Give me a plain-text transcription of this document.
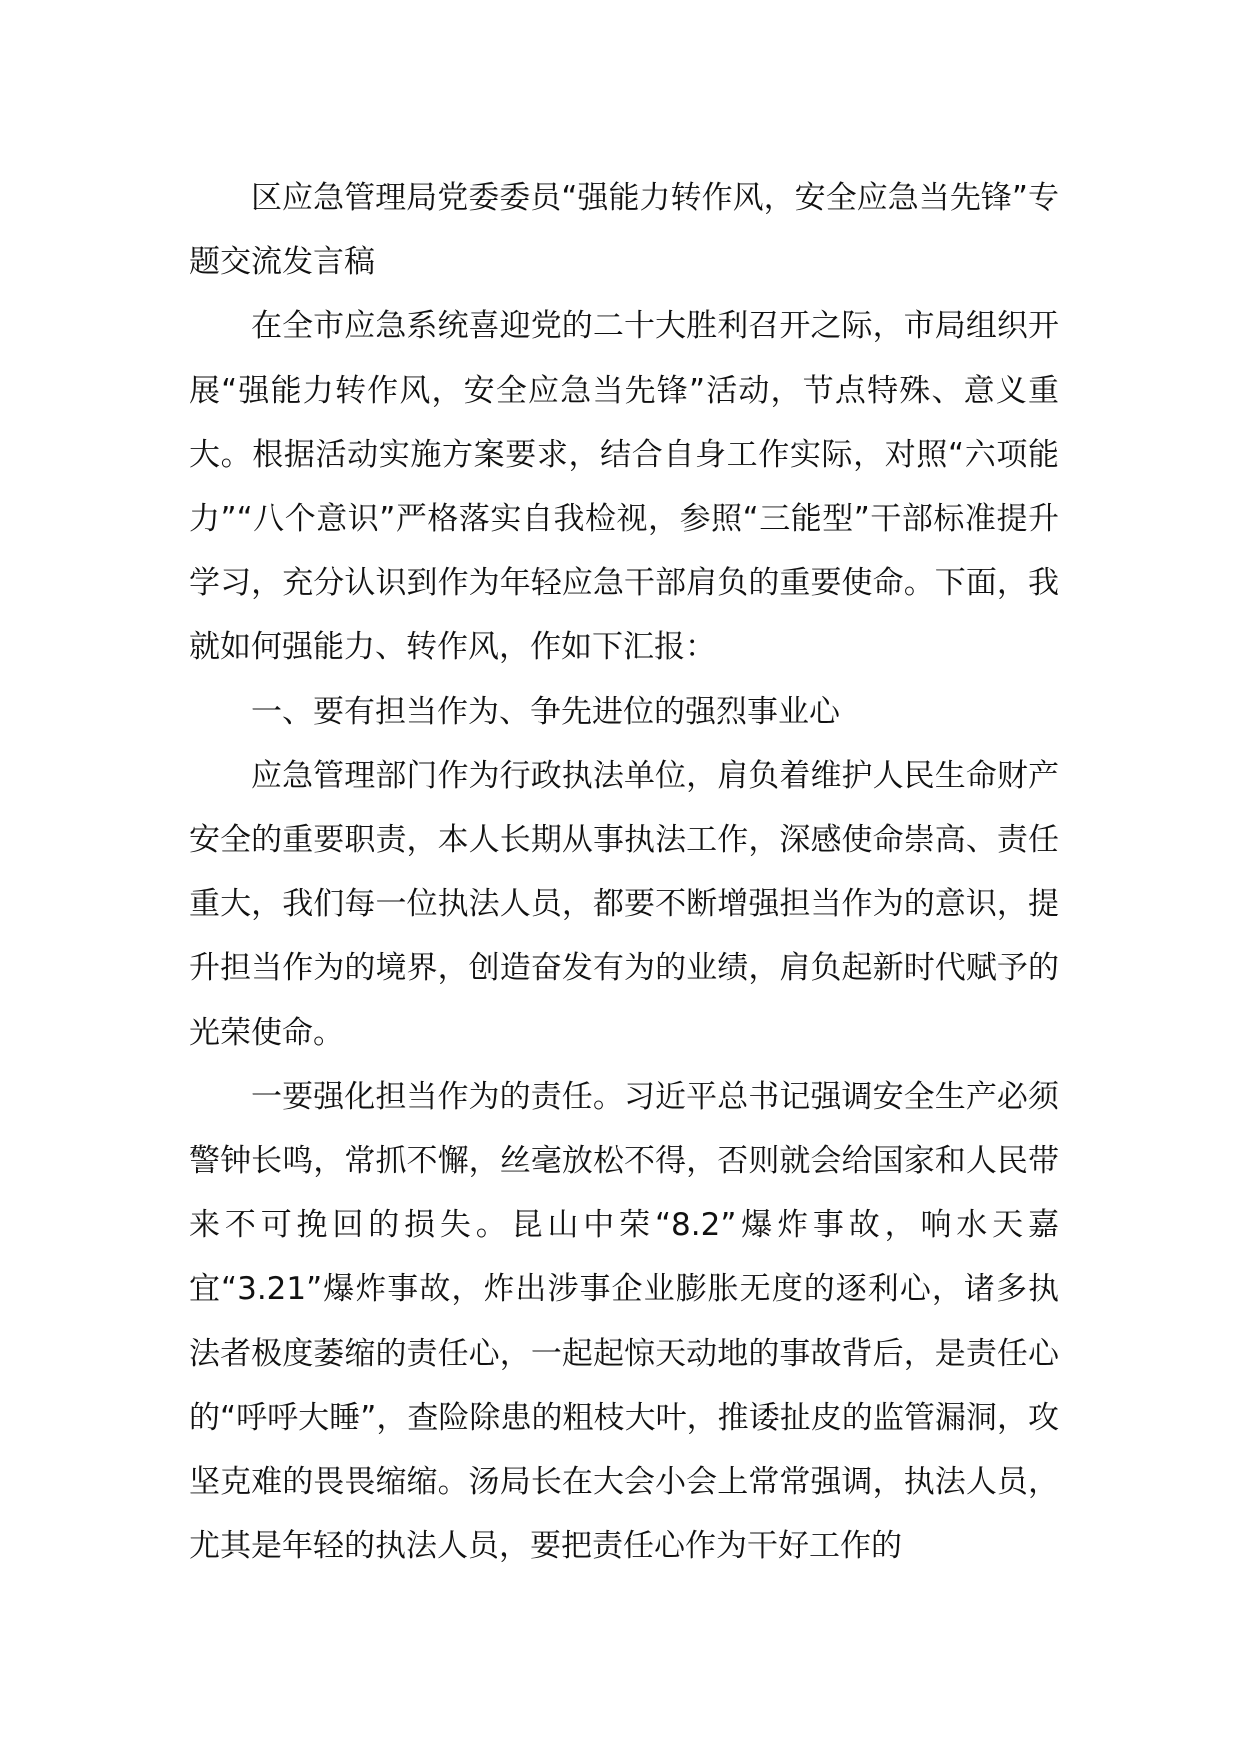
区应急管理局党委委员“强能力转作风，安全应急当先锋”专题交流发言稿

在全市应急系统喜迎党的二十大胜利召开之际，市局组织开展“强能力转作风，安全应急当先锋”活动，节点特殊、意义重大。根据活动实施方案要求，结合自身工作实际，对照“六项能力”“八个意识”严格落实自我检视，参照“三能型”干部标准提升学习，充分认识到作为年轻应急干部肩负的重要使命。下面，我就如何强能力、转作风，作如下汇报：

一、要有担当作为、争先进位的强烈事业心

应急管理部门作为行政执法单位，肩负着维护人民生命财产安全的重要职责，本人长期从事执法工作，深感使命崇高、责任重大，我们每一位执法人员，都要不断增强担当作为的意识，提升担当作为的境界，创造奋发有为的业绩，肩负起新时代赋予的光荣使命。

一要强化担当作为的责任。习近平总书记强调安全生产必须警钟长鸣，常抓不懈，丝毫放松不得，否则就会给国家和人民带来不可挽回的损失。昆山中荣“8.2”爆炸事故，响水天嘉宜“3.21”爆炸事故，炸出涉事企业膨胀无度的逐利心，诸多执法者极度萎缩的责任心，一起起惊天动地的事故背后，是责任心的“呼呼大睡”，查险除患的粗枝大叶，推诿扯皮的监管漏洞，攻坚克难的畏畏缩缩。汤局长在大会小会上常常强调，执法人员，尤其是年轻的执法人员，要把责任心作为干好工作的
